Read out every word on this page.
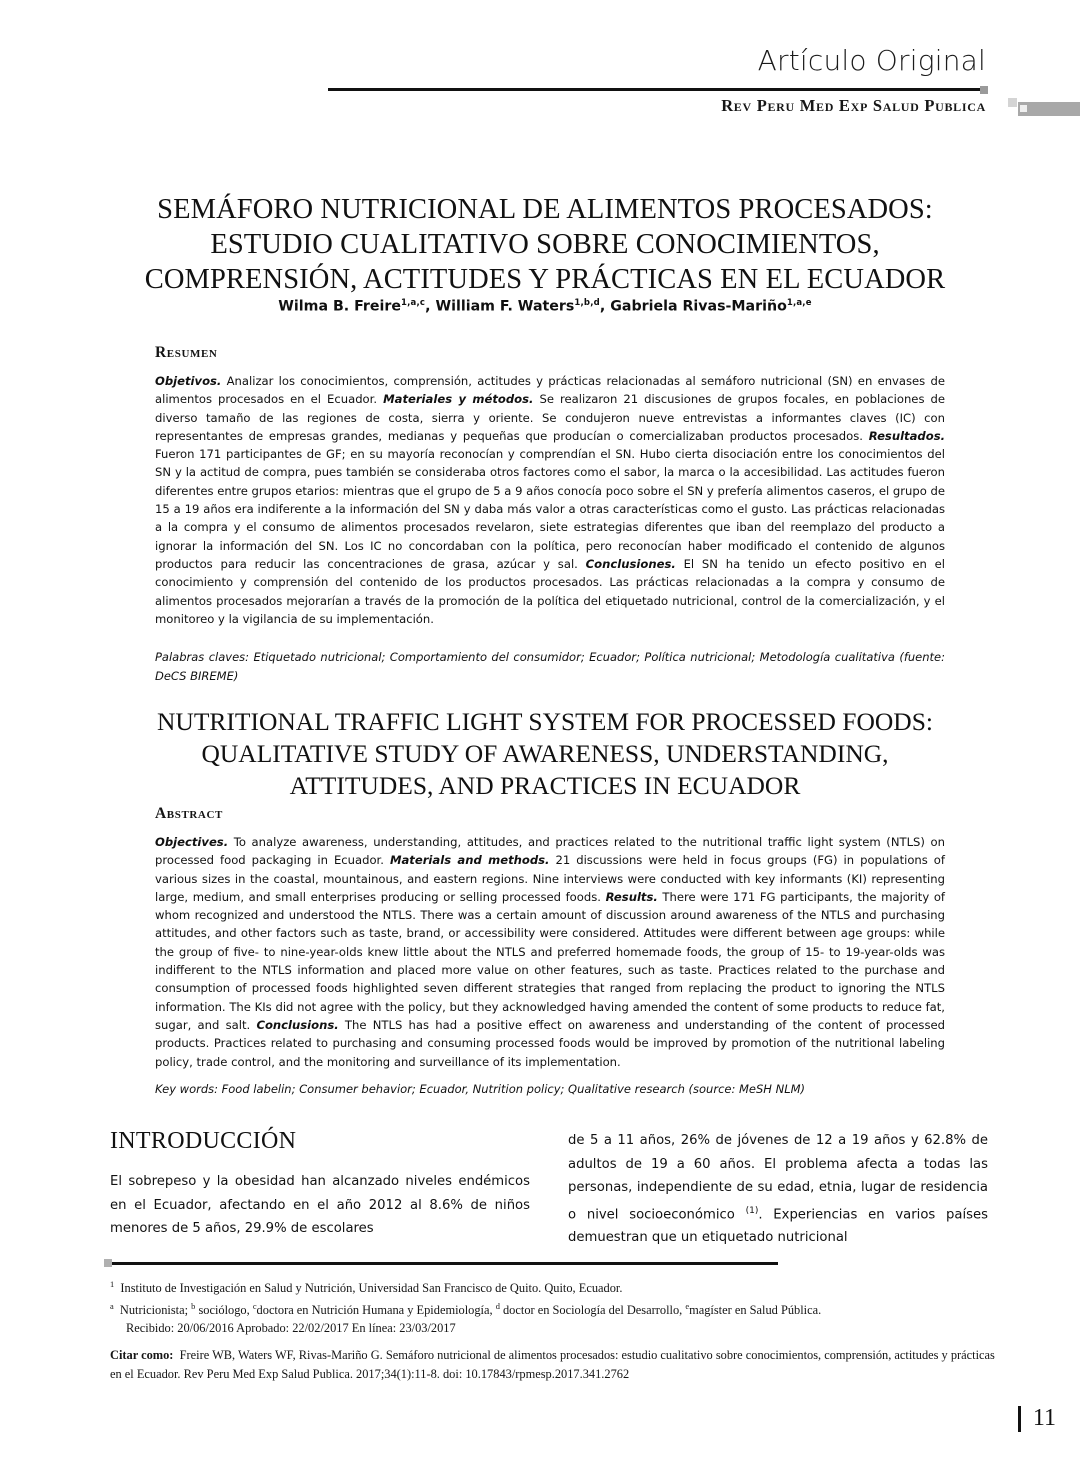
Artículo Original
Rev Peru Med Exp Salud Publica
SEMÁFORO NUTRICIONAL DE ALIMENTOS PROCESADOS: ESTUDIO CUALITATIVO SOBRE CONOCIMIENTOS, COMPRENSIÓN, ACTITUDES Y PRÁCTICAS EN EL ECUADOR
Wilma B. Freire$^{1,a,c}$, William F. Waters$^{1,b,d}$, Gabriela Rivas-Mariño$^{1,a,e}$
Resumen
Objetivos. Analizar los conocimientos, comprensión, actitudes y prácticas relacionadas al semáforo nutricional (SN) en envases de alimentos procesados en el Ecuador. Materiales y métodos. Se realizaron 21 discusiones de grupos focales, en poblaciones de diverso tamaño de las regiones de costa, sierra y oriente. Se condujeron nueve entrevistas a informantes claves (IC) con representantes de empresas grandes, medianas y pequeñas que producían o comercializaban productos procesados. Resultados. Fueron 171 participantes de GF; en su mayoría reconocían y comprendían el SN. Hubo cierta disociación entre los conocimientos del SN y la actitud de compra, pues también se consideraba otros factores como el sabor, la marca o la accesibilidad. Las actitudes fueron diferentes entre grupos etarios: mientras que el grupo de 5 a 9 años conocía poco sobre el SN y prefería alimentos caseros, el grupo de 15 a 19 años era indiferente a la información del SN y daba más valor a otras características como el gusto. Las prácticas relacionadas a la compra y el consumo de alimentos procesados revelaron, siete estrategias diferentes que iban del reemplazo del producto a ignorar la información del SN. Los IC no concordaban con la política, pero reconocían haber modificado el contenido de algunos productos para reducir las concentraciones de grasa, azúcar y sal. Conclusiones. El SN ha tenido un efecto positivo en el conocimiento y comprensión del contenido de los productos procesados. Las prácticas relacionadas a la compra y consumo de alimentos procesados mejorarían a través de la promoción de la política del etiquetado nutricional, control de la comercialización, y el monitoreo y la vigilancia de su implementación.
Palabras claves: Etiquetado nutricional; Comportamiento del consumidor; Ecuador; Política nutricional; Metodología cualitativa (fuente: DeCS BIREME)
NUTRITIONAL TRAFFIC LIGHT SYSTEM FOR PROCESSED FOODS: QUALITATIVE STUDY OF AWARENESS, UNDERSTANDING, ATTITUDES, AND PRACTICES IN ECUADOR
Abstract
Objectives. To analyze awareness, understanding, attitudes, and practices related to the nutritional traffic light system (NTLS) on processed food packaging in Ecuador. Materials and methods. 21 discussions were held in focus groups (FG) in populations of various sizes in the coastal, mountainous, and eastern regions. Nine interviews were conducted with key informants (KI) representing large, medium, and small enterprises producing or selling processed foods. Results. There were 171 FG participants, the majority of whom recognized and understood the NTLS. There was a certain amount of discussion around awareness of the NTLS and purchasing attitudes, and other factors such as taste, brand, or accessibility were considered. Attitudes were different between age groups: while the group of five- to nine-year-olds knew little about the NTLS and preferred homemade foods, the group of 15- to 19-year-olds was indifferent to the NTLS information and placed more value on other features, such as taste. Practices related to the purchase and consumption of processed foods highlighted seven different strategies that ranged from replacing the product to ignoring the NTLS information. The KIs did not agree with the policy, but they acknowledged having amended the content of some products to reduce fat, sugar, and salt. Conclusions. The NTLS has had a positive effect on awareness and understanding of the content of processed products. Practices related to purchasing and consuming processed foods would be improved by promotion of the nutritional labeling policy, trade control, and the monitoring and surveillance of its implementation.
Key words: Food labelin; Consumer behavior; Ecuador, Nutrition policy; Qualitative research (source: MeSH NLM)
INTRODUCCIÓN
El sobrepeso y la obesidad han alcanzado niveles endémicos en el Ecuador, afectando en el año 2012 al 8.6% de niños menores de 5 años, 29.9% de escolares
de 5 a 11 años, 26% de jóvenes de 12 a 19 años y 62.8% de adultos de 19 a 60 años. El problema afecta a todas las personas, independiente de su edad, etnia, lugar de residencia o nivel socioeconómico $^{(1)}$. Experiencias en varios países demuestran que un etiquetado nutricional
$^1$  Instituto de Investigación en Salud y Nutrición, Universidad San Francisco de Quito. Quito, Ecuador.
$^a$  Nutricionista; $^b$ sociólogo, $^c$doctora en Nutrición Humana y Epidemiología, $^d$ doctor en Sociología del Desarrollo, $^e$magíster en Salud Pública.
Recibido: 20/06/2016 Aprobado: 22/02/2017 En línea: 23/03/2017
Citar como:  Freire WB, Waters WF, Rivas-Mariño G. Semáforo nutricional de alimentos procesados: estudio cualitativo sobre conocimientos, comprensión, actitudes y prácticas en el Ecuador. Rev Peru Med Exp Salud Publica. 2017;34(1):11-8. doi: 10.17843/rpmesp.2017.341.2762
11
